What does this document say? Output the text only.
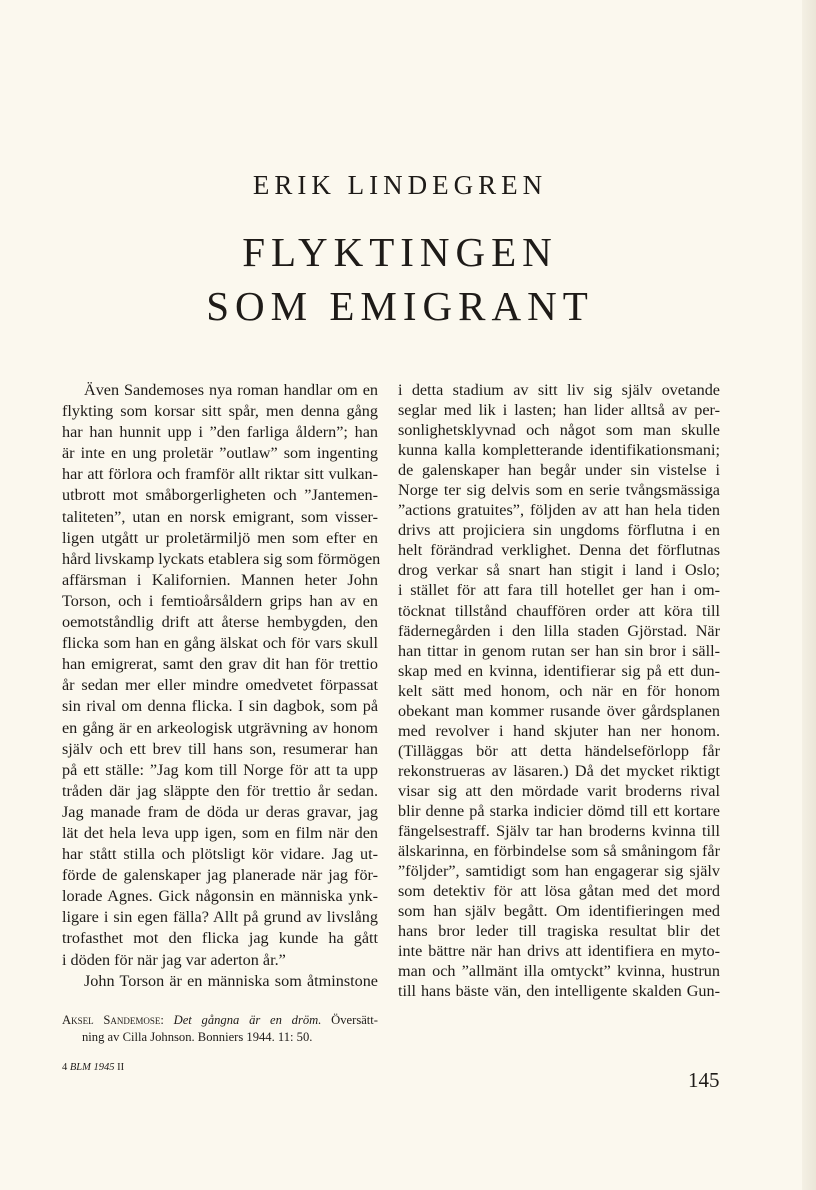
ERIK LINDEGREN
FLYKTINGEN
SOM EMIGRANT
Även Sandemoses nya roman handlar om en
flykting som korsar sitt spår, men denna gång
har han hunnit upp i ”den farliga åldern”; han
är inte en ung proletär ”outlaw” som ingenting
har att förlora och framför allt riktar sitt vulkan-
utbrott mot småborgerligheten och ”Jantemen-
taliteten”, utan en norsk emigrant, som visser-
ligen utgått ur proletärmiljö men som efter en
hård livskamp lyckats etablera sig som förmögen
affärsman i Kalifornien. Mannen heter John
Torson, och i femtioårsåldern grips han av en
oemotståndlig drift att återse hembygden, den
flicka som han en gång älskat och för vars skull
han emigrerat, samt den grav dit han för trettio
år sedan mer eller mindre omedvetet förpassat
sin rival om denna flicka. I sin dagbok, som på
en gång är en arkeologisk utgrävning av honom
själv och ett brev till hans son, resumerar han
på ett ställe: ”Jag kom till Norge för att ta upp
tråden där jag släppte den för trettio år sedan.
Jag manade fram de döda ur deras gravar, jag
lät det hela leva upp igen, som en film när den
har stått stilla och plötsligt kör vidare. Jag ut-
förde de galenskaper jag planerade när jag för-
lorade Agnes. Gick någonsin en människa ynk-
ligare i sin egen fälla? Allt på grund av livslång
trofasthet mot den flicka jag kunde ha gått
i döden för när jag var aderton år.”
John Torson är en människa som åtminstone
i detta stadium av sitt liv sig själv ovetande
seglar med lik i lasten; han lider alltså av per-
sonlighetsklyvnad och något som man skulle
kunna kalla kompletterande identifikationsmani;
de galenskaper han begår under sin vistelse i
Norge ter sig delvis som en serie tvångsmässiga
”actions gratuites”, följden av att han hela tiden
drivs att projiciera sin ungdoms förflutna i en
helt förändrad verklighet. Denna det förflutnas
drog verkar så snart han stigit i land i Oslo;
i stället för att fara till hotellet ger han i om-
töcknat tillstånd chauffören order att köra till
fädernegården i den lilla staden Gjörstad. När
han tittar in genom rutan ser han sin bror i säll-
skap med en kvinna, identifierar sig på ett dun-
kelt sätt med honom, och när en för honom
obekant man kommer rusande över gårdsplanen
med revolver i hand skjuter han ner honom.
(Tilläggas bör att detta händelseförlopp får
rekonstrueras av läsaren.) Då det mycket riktigt
visar sig att den mördade varit broderns rival
blir denne på starka indicier dömd till ett kortare
fängelsestraff. Själv tar han broderns kvinna till
älskarinna, en förbindelse som så småningom får
”följder”, samtidigt som han engagerar sig själv
som detektiv för att lösa gåtan med det mord
som han själv begått. Om identifieringen med
hans bror leder till tragiska resultat blir det
inte bättre när han drivs att identifiera en myto-
man och ”allmänt illa omtyckt” kvinna, hustrun
till hans bäste vän, den intelligente skalden Gun-
Aksel Sandemose: Det gångna är en dröm. Översätt-
ning av Cilla Johnson. Bonniers 1944. 11: 50.
4 BLM 1945 II
145
